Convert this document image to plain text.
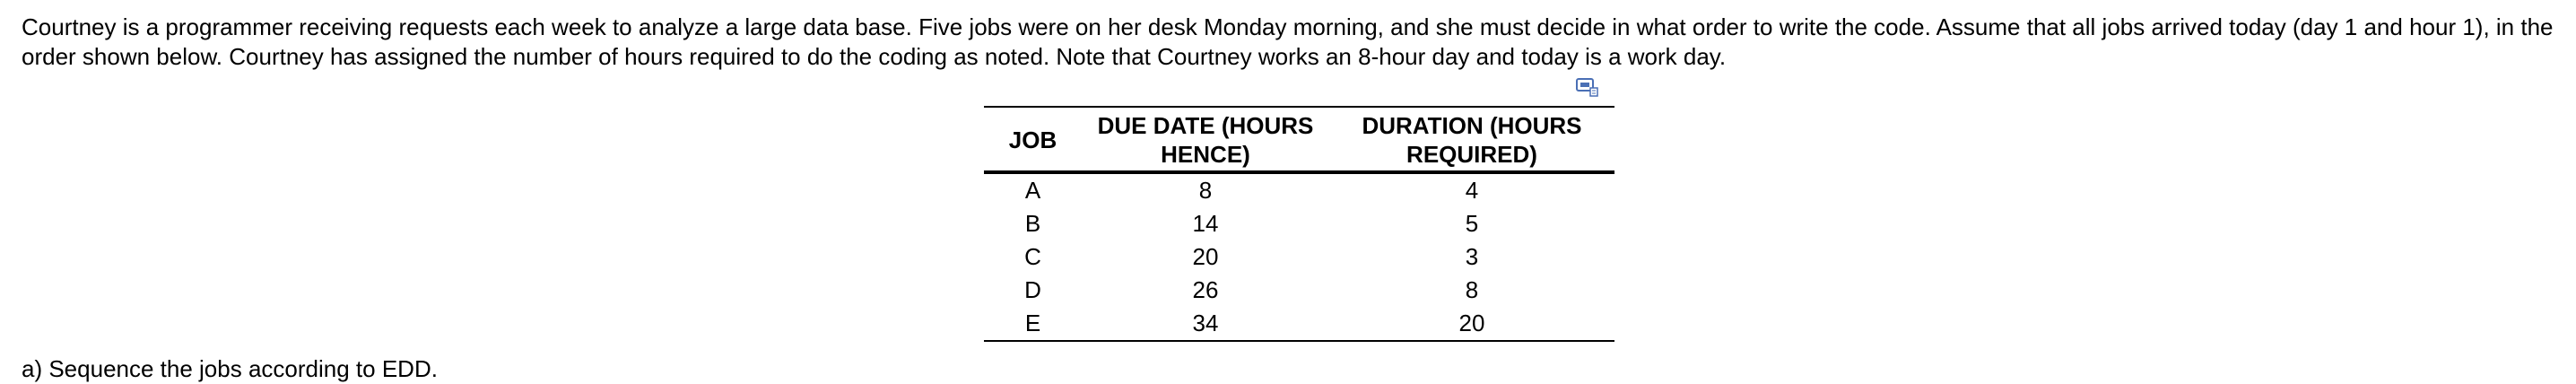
Courtney is a programmer receiving requests each week to analyze a large data base. Five jobs were on her desk Monday morning, and she must decide in what order to write the code. Assume that all jobs arrived today (day 1 and hour 1), in the order shown below. Courtney has assigned the number of hours required to do the coding as noted. Note that Courtney works an 8-hour day and today is a work day.

JOB	DUE DATE (HOURS HENCE)	DURATION (HOURS REQUIRED)
A	8	4
B	14	5
C	20	3
D	26	8
E	34	20

a) Sequence the jobs according to EDD.
